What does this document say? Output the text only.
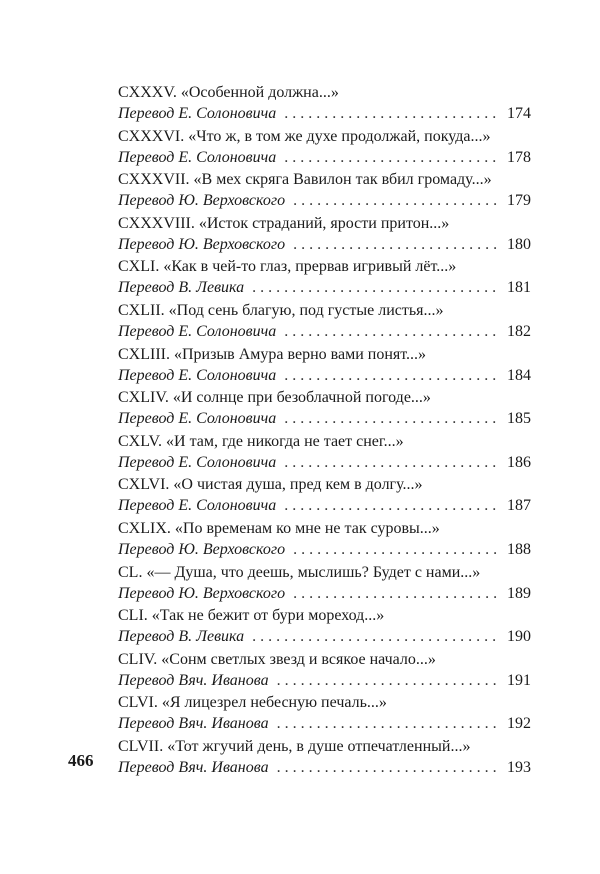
CXXXV. «Особенной должна...»
Перевод Е. Солоновича . . .	174
CXXXVI. «Что ж, в том же духе продолжай, покуда...»
Перевод Е. Солоновича . . .	178
CXXXVII. «В мех скряга Вавилон так вбил громаду...»
Перевод Ю. Верховского . . .	179
CXXXVIII. «Исток страданий, ярости притон...»
Перевод Ю. Верховского . . .	180
CXLI. «Как в чей-то глаз, прервав игривый лёт...»
Перевод В. Левика . . .	181
CXLII. «Под сень благую, под густые листья...»
Перевод Е. Солоновича . . .	182
CXLIII. «Призыв Амура верно вами понят...»
Перевод Е. Солоновича . . .	184
CXLIV. «И солнце при безоблачной погоде...»
Перевод Е. Солоновича . . .	185
CXLV. «И там, где никогда не тает снег...»
Перевод Е. Солоновича . . .	186
CXLVI. «О чистая душа, пред кем в долгу...»
Перевод Е. Солоновича . . .	187
CXLIX. «По временам ко мне не так суровы...»
Перевод Ю. Верховского . . .	188
CL. «— Душа, что деешь, мыслишь? Будет с нами...»
Перевод Ю. Верховского . . .	189
CLI. «Так не бежит от бури мореход...»
Перевод В. Левика . . .	190
CLIV. «Сонм светлых звезд и всякое начало...»
Перевод Вяч. Иванова . . .	191
CLVI. «Я лицезрел небесную печаль...»
Перевод Вяч. Иванова . . .	192
CLVII. «Тот жгучий день, в душе отпечатленный...»
Перевод Вяч. Иванова . . .	193
466
